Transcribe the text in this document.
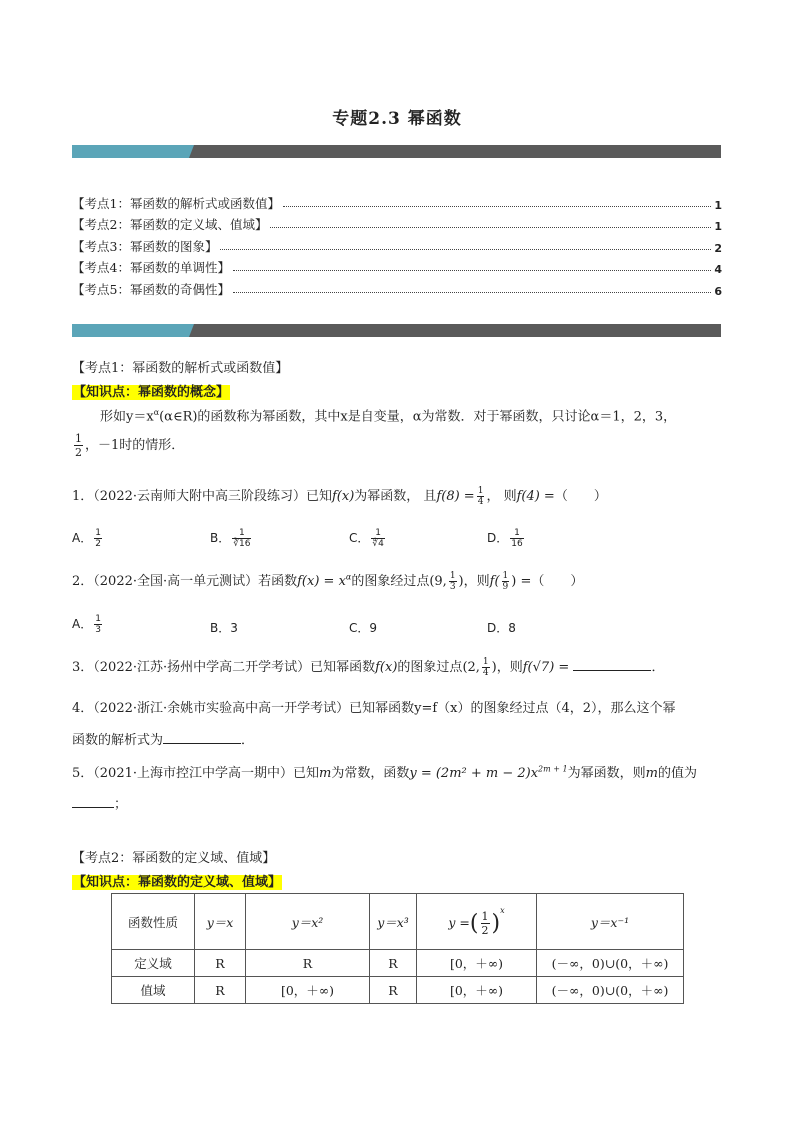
专题2.3 幂函数
【考点1：幂函数的解析式或函数值】	1
【考点2：幂函数的定义域、值域】	1
【考点3：幂函数的图象】	2
【考点4：幂函数的单调性】	4
【考点5：幂函数的奇偶性】	6
【考点1：幂函数的解析式或函数值】
【知识点：幂函数的概念】
形如$y=x^\alpha(\alpha\in R)$的函数称为幂函数，其中x是自变量，α为常数．对于幂函数，只讨论α＝1，2，3，
$\frac{1}{2}$ ，－1时的情形．
1．（2022·云南师大附中高三阶段练习）已知f(x)为幂函数， 且$f(8) = \frac{1}{4}$ ， 则f(4) =（　　）
A． $\frac{1}{2}$	B． $\frac{1}{∛16}$	C． $\frac{1}{∜4}$	D． $\frac{1}{16}$
2．（2022·全国·高一单元测试）若函数$f(x) = x^\alpha$的图象经过点(9, $\frac{1}{3}$ )，则$f( \frac{1}{9}$ ) =（　　）
A． $\frac{1}{3}$	B．3	C．9	D．8
3．（2022·江苏·扬州中学高二开学考试）已知幂函数f(x)的图象过点(2, $\frac{1}{4}$ )，则f(√7) =	．
4．（2022·浙江·余姚市实验高中高一开学考试）已知幂函数y=f（x）的图象经过点（4，2），那么这个幂
函数的解析式为	．
5．（2021·上海市控江中学高一期中）已知m为常数，函数$y = (2m^2 + m - 2)x^{2m + 1}$为幂函数，则m的值为
；
【考点2：幂函数的定义域、值域】
【知识点：幂函数的定义域、值域】
函数性质	y＝x	y＝x²	y＝x³	y =( $\frac{1}{2} )^x$	y＝x⁻¹
定义域	R	R	R	[0，＋∞)	(－∞，0)∪(0，＋∞)
值域	R	[0，＋∞)	R	[0，＋∞)	(－∞，0)∪(0，＋∞)
